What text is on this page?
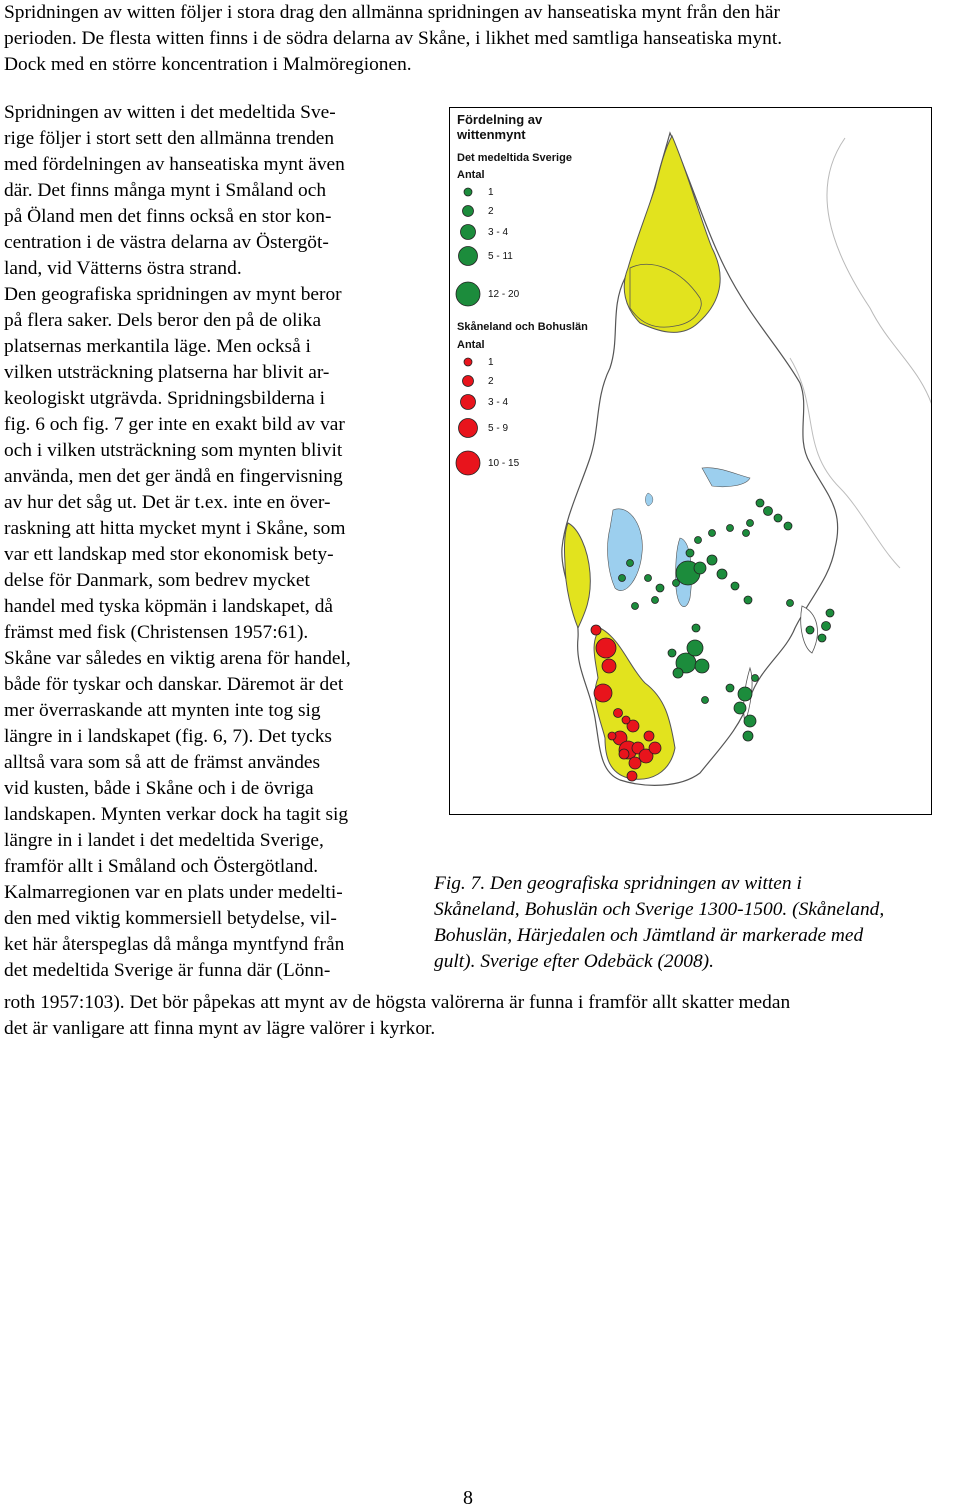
Spridningen av witten följer i stora drag den allmänna spridningen av hanseatiska mynt från den här
perioden. De flesta witten finns i de södra delarna av Skåne, i likhet med samtliga hanseatiska mynt.
Dock med en större koncentration i Malmöregionen.
Spridningen av witten i det medeltida Sve-
rige följer i stort sett den allmänna trenden
med fördelningen av hanseatiska mynt även
där. Det finns många mynt i Småland och
på Öland men det finns också en stor kon-
centration i de västra delarna av Östergöt-
land, vid Vätterns östra strand.
Den geografiska spridningen av mynt beror
på flera saker. Dels beror den på de olika
platsernas merkantila läge. Men också i
vilken utsträckning platserna har blivit ar-
keologiskt utgrävda. Spridningsbilderna i
fig. 6 och fig. 7 ger inte en exakt bild av var
och i vilken utsträckning som mynten blivit
använda, men det ger ändå en fingervisning
av hur det såg ut. Det är t.ex. inte en över-
raskning att hitta mycket mynt i Skåne, som
var ett landskap med stor ekonomisk bety-
delse för Danmark, som bedrev mycket
handel med tyska köpmän i landskapet, då
främst med fisk (Christensen 1957:61).
Skåne var således en viktig arena för handel,
både för tyskar och danskar. Däremot är det
mer överraskande att mynten inte tog sig
längre in i landskapet (fig. 6, 7). Det tycks
alltså vara som så att de främst användes
vid kusten, både i Skåne och i de övriga
landskapen. Mynten verkar dock ha tagit sig
längre in i landet i det medeltida Sverige,
framför allt i Småland och Östergötland.
Kalmarregionen var en plats under medelti-
den med viktig kommersiell betydelse, vil-
ket här återspeglas då många myntfynd från
det medeltida Sverige är funna där (Lönn-
Fördelning av
wittenmynt
Det medeltida Sverige
Antal
Skåneland och Bohuslän
Antal
1
1
2
2
3 - 4
3 - 4
5 - 11
5 - 9
12 - 20
10 - 15
Fig. 7. Den geografiska spridningen av witten i
Skåneland, Bohuslän och Sverige 1300-1500. (Skåneland,
Bohuslän, Härjedalen och Jämtland är markerade med
gult). Sverige efter Odebäck (2008).
roth 1957:103). Det bör påpekas att mynt av de högsta valörerna är funna i framför allt skatter medan
det är vanligare att finna mynt av lägre valörer i kyrkor.
8
